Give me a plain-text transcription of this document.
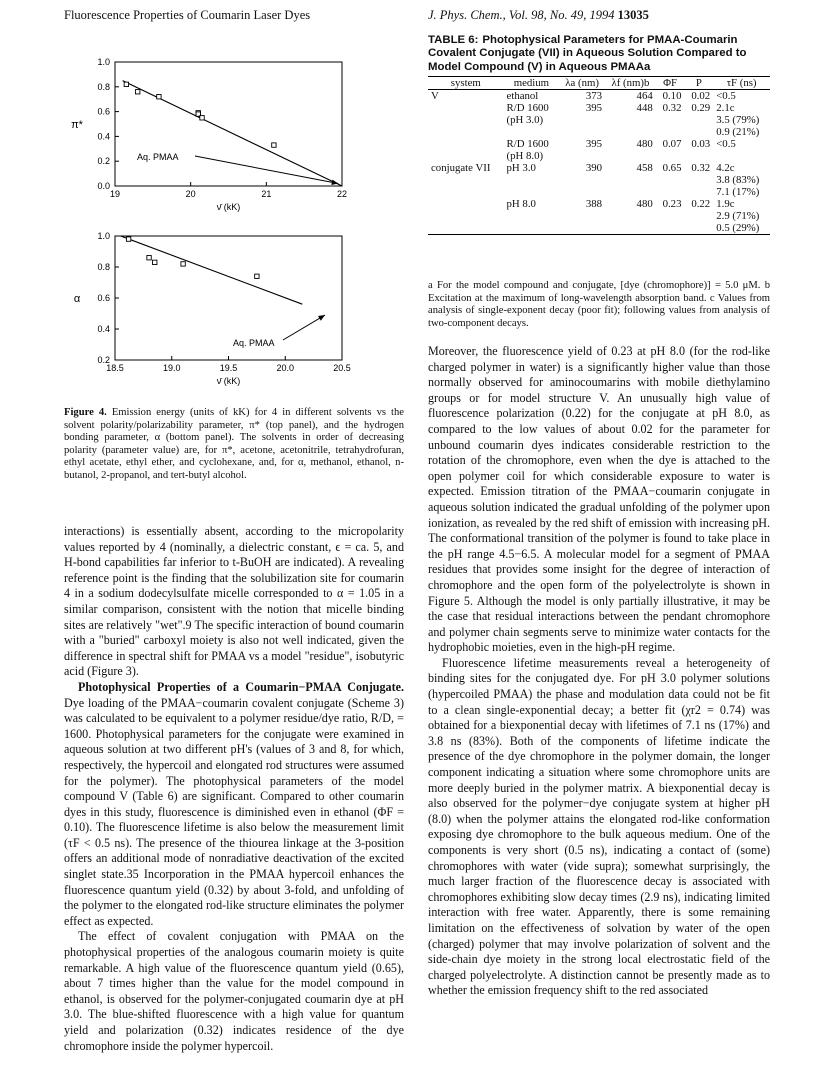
Fluorescence Properties of Coumarin Laser Dyes	J. Phys. Chem., Vol. 98, No. 49, 1994 13035
0.0
0.2
0.4
0.6
0.8
1.0
19	20	21	22
ν̄ (kK)
π*
Aq. PMAA
0.2
0.4
0.6
0.8
1.0
18.5	19.0	19.5	20.0	20.5
ν̄ (kK)
α
Aq. PMAA
Figure 4. Emission energy (units of kK) for 4 in different solvents vs the solvent polarity/polarizability parameter, π* (top panel), and the hydrogen bonding parameter, α (bottom panel). The solvents in order of decreasing polarity (parameter value) are, for π*, acetone, acetonitrile, tetrahydrofuran, ethyl acetate, ethyl ether, and cyclohexane, and, for α, methanol, ethanol, n-butanol, 2-propanol, and tert-butyl alcohol.

interactions) is essentially absent, according to the micropolarity values reported by 4 (nominally, a dielectric constant, ϵ = ca. 5, and H-bond capabilities far inferior to t-BuOH are indicated). A revealing reference point is the finding that the solubilization site for coumarin 4 in a sodium dodecylsulfate micelle corresponded to α = 1.05 in a similar comparison, consistent with the notion that micelle binding sites are relatively "wet".9 The specific interaction of bound coumarin with a "buried" carboxyl moiety is also not well indicated, given the difference in spectral shift for PMAA vs a model "residue", isobutyric acid (Figure 3).

Photophysical Properties of a Coumarin−PMAA Conjugate. Dye loading of the PMAA−coumarin covalent conjugate (Scheme 3) was calculated to be equivalent to a polymer residue/dye ratio, R/D, = 1600. Photophysical parameters for the conjugate were examined in aqueous solution at two different pH's (values of 3 and 8, for which, respectively, the hypercoil and elongated rod structures were assumed for the polymer). The photophysical parameters of the model compound V (Table 6) are significant. Compared to other coumarin dyes in this study, fluorescence is diminished even in ethanol (ΦF = 0.10). The fluorescence lifetime is also below the measurement limit (τF < 0.5 ns). The presence of the thiourea linkage at the 3-position offers an additional mode of nonradiative deactivation of the excited singlet state.35 Incorporation in the PMAA hypercoil enhances the fluorescence quantum yield (0.32) by about 3-fold, and unfolding of the polymer to the elongated rod-like structure eliminates the polymer effect as expected.

The effect of covalent conjugation with PMAA on the photophysical properties of the analogous coumarin moiety is quite remarkable. A high value of the fluorescence quantum yield (0.65), about 7 times higher than the value for the model compound in ethanol, is observed for the polymer-conjugated coumarin dye at pH 3.0. The blue-shifted fluorescence with a high value for quantum yield and polarization (0.32) indicates residence of the dye chromophore inside the polymer hypercoil.

TABLE 6: Photophysical Parameters for PMAA-Coumarin Covalent Conjugate (VII) in Aqueous Solution Compared to Model Compound (V) in Aqueous PMAAa
system	medium	λa (nm)	λf (nm)b	ΦF	P	τF (ns)
V	ethanol	373	464	0.10	0.02	<0.5
	R/D 1600	395	448	0.32	0.29	2.1c
	(pH 3.0)					3.5 (79%)
						0.9 (21%)
	R/D 1600	395	480	0.07	0.03	<0.5
	(pH 8.0)					
conjugate VII	pH 3.0	390	458	0.65	0.32	4.2c
						3.8 (83%)
						7.1 (17%)
	pH 8.0	388	480	0.23	0.22	1.9c
						2.9 (71%)
						0.5 (29%)
a For the model compound and conjugate, [dye (chromophore)] = 5.0 μM. b Excitation at the maximum of long-wavelength absorption band. c Values from analysis of single-exponent decay (poor fit); following values from analysis of two-component decays.

Moreover, the fluorescence yield of 0.23 at pH 8.0 (for the rod-like charged polymer in water) is a significantly higher value than those normally observed for aminocoumarins with mobile diethylamino groups or for model structure V. An unusually high value of fluorescence polarization (0.22) for the conjugate at pH 8.0, as compared to the low values of about 0.02 for the parameter for unbound coumarin dyes indicates considerable restriction to the rotation of the chromophore, even when the dye is attached to the open polymer coil for which considerable exposure to water is expected. Emission titration of the PMAA−coumarin conjugate in aqueous solution indicated the gradual unfolding of the polymer upon ionization, as revealed by the red shift of emission with increasing pH. The conformational transition of the polymer is found to take place in the pH range 4.5−6.5. A molecular model for a segment of PMAA residues that provides some insight for the degree of interaction of chromophore and the open form of the polyelectrolyte is shown in Figure 5. Although the model is only partially illustrative, it may be the case that residual interactions between the pendant chromophore and polymer chain segments serve to minimize water contacts for the hydrophobic moieties, even in the high-pH regime.

Fluorescence lifetime measurements reveal a heterogeneity of binding sites for the conjugated dye. For pH 3.0 polymer solutions (hypercoiled PMAA) the phase and modulation data could not be fit to a clean single-exponential decay; a better fit (χr2 = 0.74) was obtained for a biexponential decay with lifetimes of 7.1 ns (17%) and 3.8 ns (83%). Both of the components of lifetime indicate the presence of the dye chromophore in the polymer domain, the longer component indicating a situation where some chromophore units are more deeply buried in the polymer matrix. A biexponential decay is also observed for the polymer−dye conjugate system at higher pH (8.0) when the polymer attains the elongated rod-like conformation exposing dye chromophore to the bulk aqueous medium. One of the components is very short (0.5 ns), indicating a contact of (some) chromophores with water (vide supra); somewhat surprisingly, the much larger fraction of the fluorescence decay is associated with chromophores exhibiting slow decay times (2.9 ns), indicating limited interaction with free water. Apparently, there is some remaining limitation on the effectiveness of solvation by water of the open (charged) polymer that may involve polarization of solvent and the side-chain dye moiety in the strong local electrostatic field of the charged polyelectrolyte. A distinction cannot be presently made as to whether the emission frequency shift to the red associated
